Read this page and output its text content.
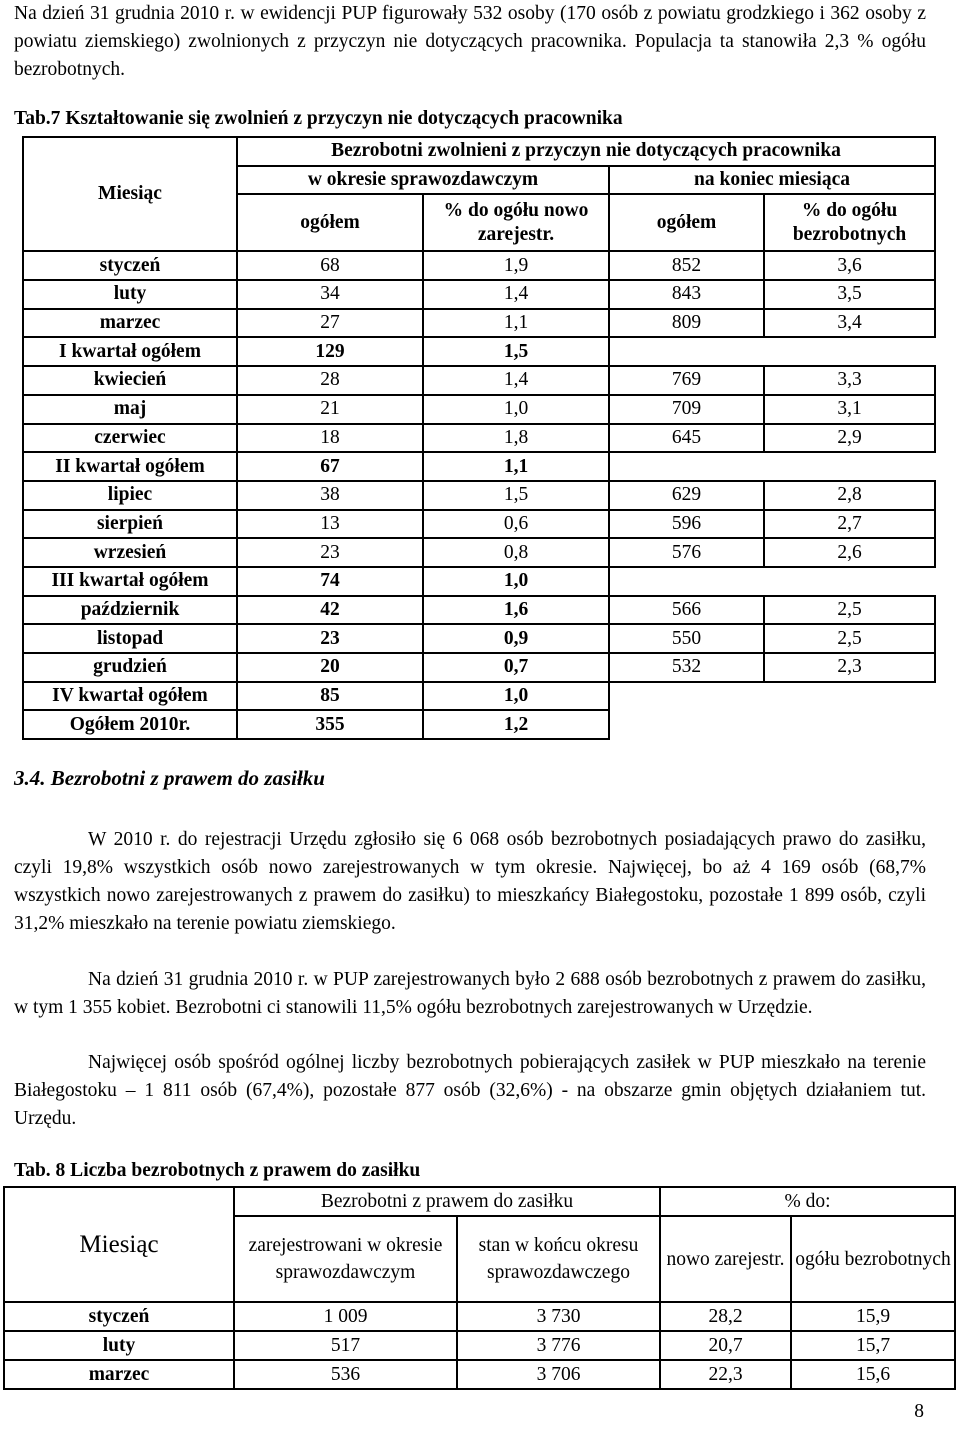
Na dzień 31 grudnia 2010 r. w ewidencji PUP figurowały 532 osoby (170 osób z powiatu grodzkiego i 362 osoby z powiatu ziemskiego) zwolnionych z przyczyn nie dotyczących pracownika. Populacja ta stanowiła 2,3 % ogółu bezrobotnych.

Tab.7 Kształtowanie się zwolnień z przyczyn nie dotyczących pracownika

Miesiąc	Bezrobotni zwolnieni z przyczyn nie dotyczących pracownika			
	w okresie sprawozdawczym		na koniec miesiąca	
	ogółem	% do ogółu nowo zarejestr.	ogółem	% do ogółu bezrobotnych
styczeń	68	1,9	852	3,6
luty	34	1,4	843	3,5
marzec	27	1,1	809	3,4
I kwartał ogółem	129	1,5		
kwiecień	28	1,4	769	3,3
maj	21	1,0	709	3,1
czerwiec	18	1,8	645	2,9
II kwartał ogółem	67	1,1		
lipiec	38	1,5	629	2,8
sierpień	13	0,6	596	2,7
wrzesień	23	0,8	576	2,6
III kwartał ogółem	74	1,0		
październik	42	1,6	566	2,5
listopad	23	0,9	550	2,5
grudzień	20	0,7	532	2,3
IV kwartał ogółem	85	1,0		
Ogółem 2010r.	355	1,2		

3.4. Bezrobotni z prawem do zasiłku

W 2010 r. do rejestracji Urzędu zgłosiło się 6 068 osób bezrobotnych posiadających prawo do zasiłku, czyli 19,8% wszystkich osób nowo zarejestrowanych w tym okresie. Najwięcej, bo aż 4 169 osób (68,7% wszystkich nowo zarejestrowanych z prawem do zasiłku) to mieszkańcy Białegostoku, pozostałe 1 899 osób, czyli 31,2% mieszkało na terenie powiatu ziemskiego.

Na dzień 31 grudnia 2010 r. w PUP zarejestrowanych było 2 688 osób bezrobotnych z prawem do zasiłku, w tym 1 355 kobiet. Bezrobotni ci stanowili 11,5% ogółu bezrobotnych zarejestrowanych w Urzędzie.

Najwięcej osób spośród ogólnej liczby bezrobotnych pobierających zasiłek w PUP mieszkało na terenie Białegostoku – 1 811 osób (67,4%), pozostałe 877 osób (32,6%) - na obszarze gmin objętych działaniem tut. Urzędu.

Tab. 8 Liczba bezrobotnych z prawem do zasiłku

Miesiąc	Bezrobotni z prawem do zasiłku		% do:	
	zarejestrowani w okresie sprawozdawczym	stan w końcu okresu sprawozdawczego	nowo zarejestr.	ogółu bezrobotnych
styczeń	1 009	3 730	28,2	15,9
luty	517	3 776	20,7	15,7
marzec	536	3 706	22,3	15,6

8
